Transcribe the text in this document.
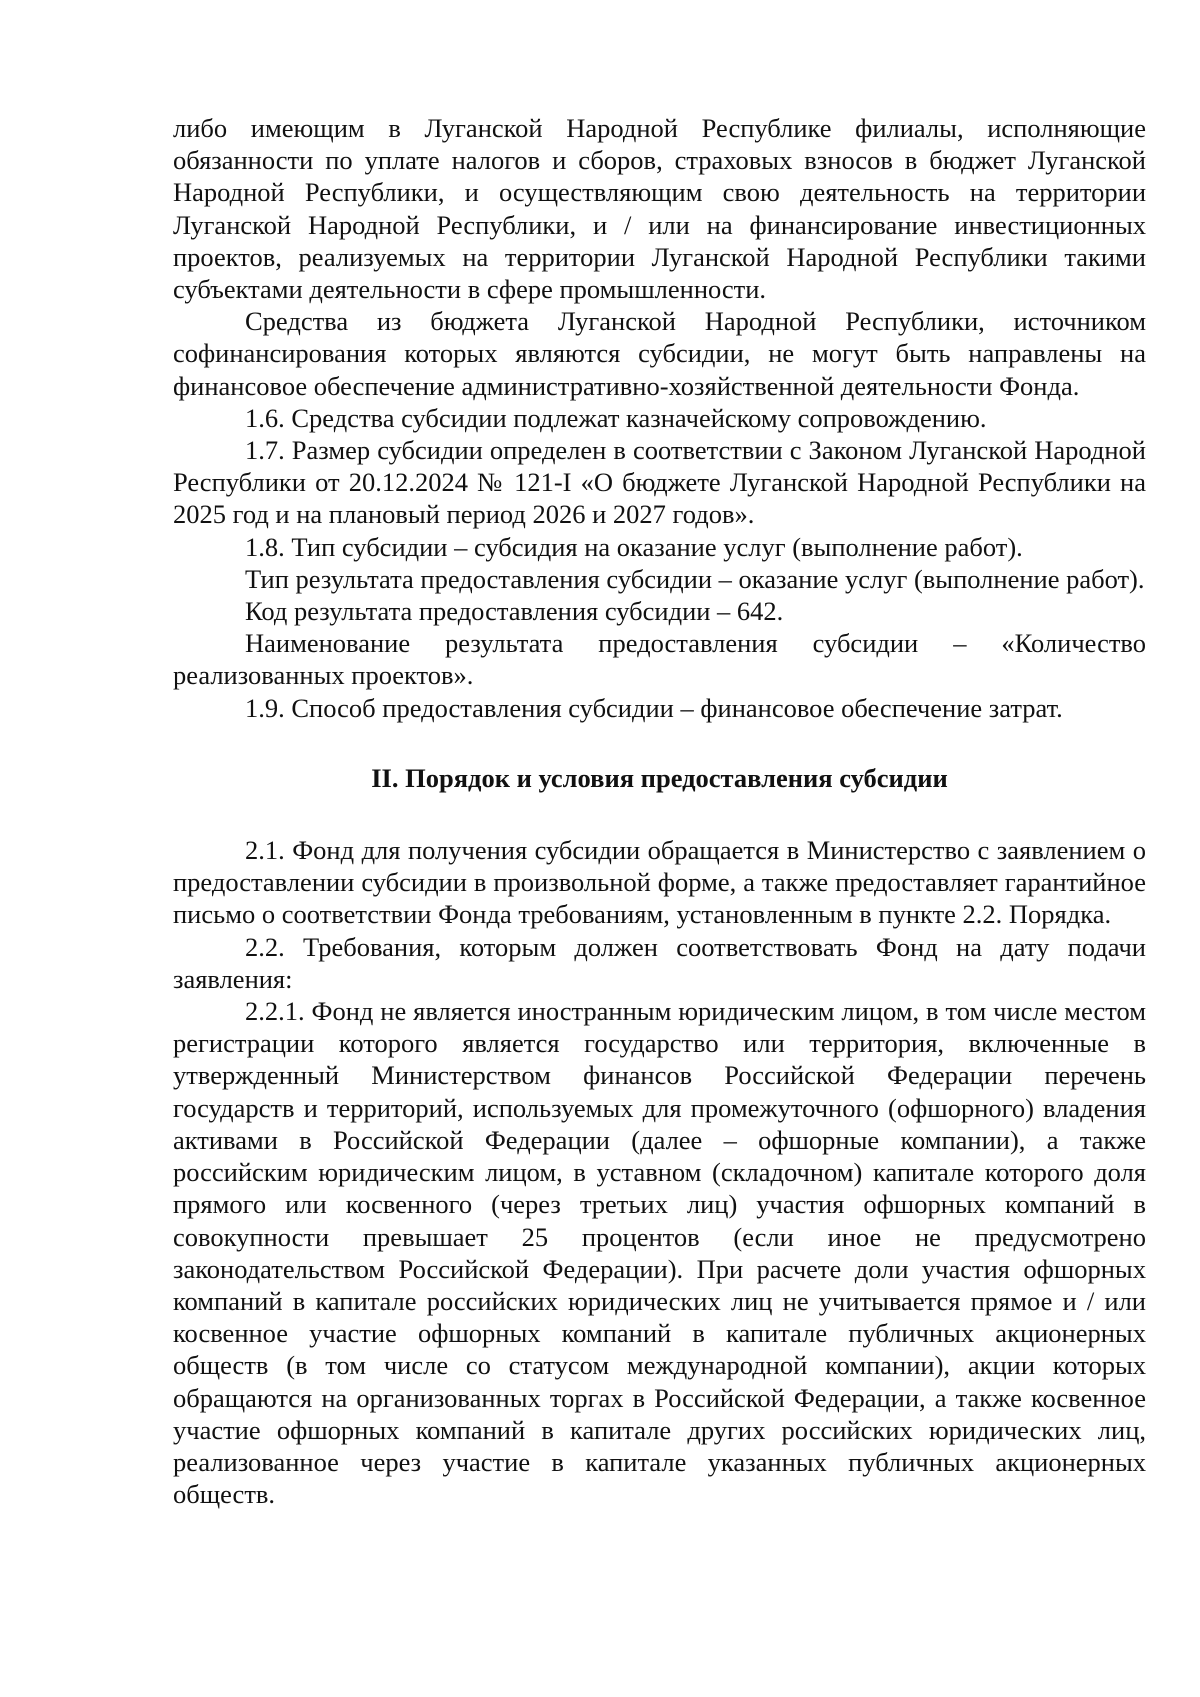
либо имеющим в Луганской Народной Республике филиалы, исполняющие обязанности по уплате налогов и сборов, страховых взносов в бюджет Луганской Народной Республики, и осуществляющим свою деятельность на территории Луганской Народной Республики, и / или на финансирование инвестиционных проектов, реализуемых на территории Луганской Народной Республики такими субъектами деятельности в сфере промышленности.

Средства из бюджета Луганской Народной Республики, источником софинансирования которых являются субсидии, не могут быть направлены на финансовое обеспечение административно-хозяйственной деятельности Фонда.

1.6. Средства субсидии подлежат казначейскому сопровождению.

1.7. Размер субсидии определен в соответствии с Законом Луганской Народной Республики от 20.12.2024 № 121-I «О бюджете Луганской Народной Республики на 2025 год и на плановый период 2026 и 2027 годов».

1.8. Тип субсидии – субсидия на оказание услуг (выполнение работ).

Тип результата предоставления субсидии – оказание услуг (выполнение работ).

Код результата предоставления субсидии – 642.

Наименование результата предоставления субсидии – «Количество реализованных проектов».

1.9. Способ предоставления субсидии – финансовое обеспечение затрат.

II. Порядок и условия предоставления субсидии

2.1. Фонд для получения субсидии обращается в Министерство с заявлением о предоставлении субсидии в произвольной форме, а также предоставляет гарантийное письмо о соответствии Фонда требованиям, установленным в пункте 2.2. Порядка.

2.2. Требования, которым должен соответствовать Фонд на дату подачи заявления:

2.2.1. Фонд не является иностранным юридическим лицом, в том числе местом регистрации которого является государство или территория, включенные в утвержденный Министерством финансов Российской Федерации перечень государств и территорий, используемых для промежуточного (офшорного) владения активами в Российской Федерации (далее – офшорные компании), а также российским юридическим лицом, в уставном (складочном) капитале которого доля прямого или косвенного (через третьих лиц) участия офшорных компаний в совокупности превышает 25 процентов (если иное не предусмотрено законодательством Российской Федерации). При расчете доли участия офшорных компаний в капитале российских юридических лиц не учитывается прямое и / или косвенное участие офшорных компаний в капитале публичных акционерных обществ (в том числе со статусом международной компании), акции которых обращаются на организованных торгах в Российской Федерации, а также косвенное участие офшорных компаний в капитале других российских юридических лиц, реализованное через участие в капитале указанных публичных акционерных обществ.
